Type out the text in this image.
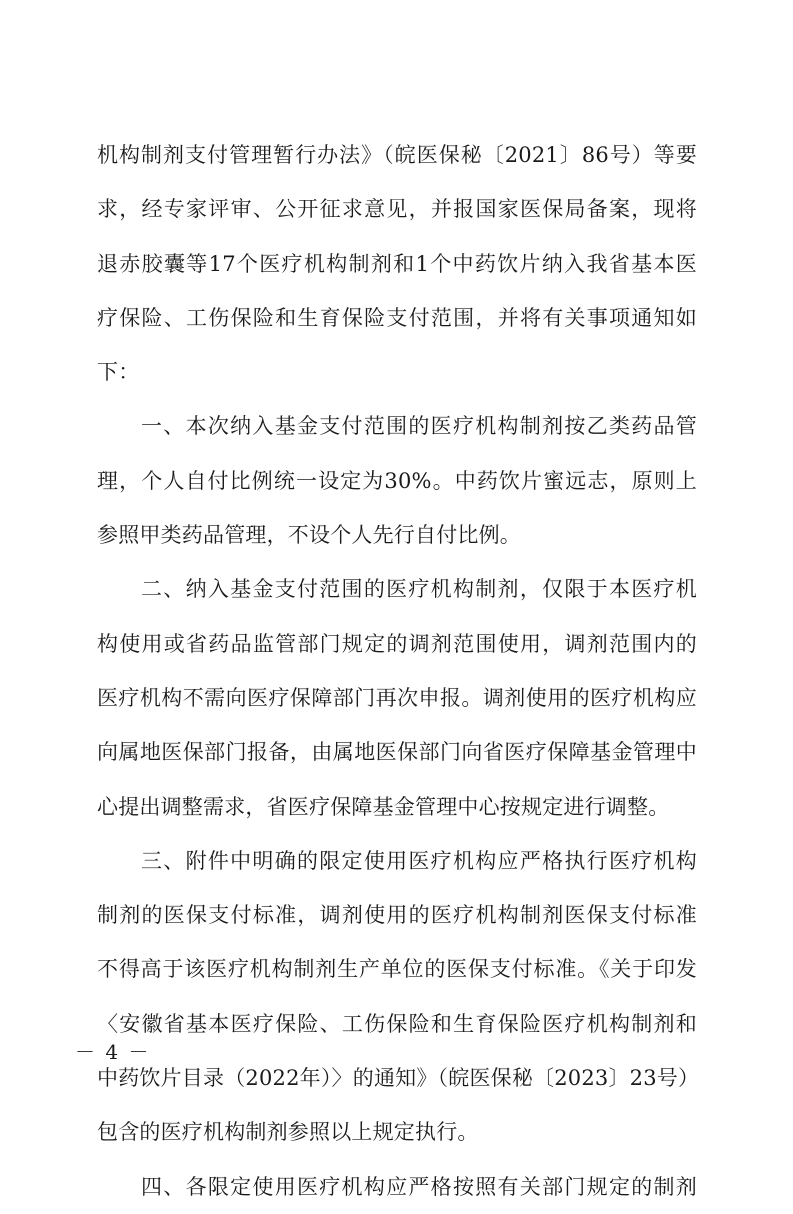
机构制剂支付管理暂行办法》（皖医保秘〔2021〕86号）等要
求，经专家评审、公开征求意见，并报国家医保局备案，现将
退赤胶囊等17个医疗机构制剂和1个中药饮片纳入我省基本医
疗保险、工伤保险和生育保险支付范围，并将有关事项通知如
下：
一、本次纳入基金支付范围的医疗机构制剂按乙类药品管
理，个人自付比例统一设定为30%。中药饮片蜜远志，原则上
参照甲类药品管理，不设个人先行自付比例。
二、纳入基金支付范围的医疗机构制剂，仅限于本医疗机
构使用或省药品监管部门规定的调剂范围使用，调剂范围内的
医疗机构不需向医疗保障部门再次申报。调剂使用的医疗机构应
向属地医保部门报备，由属地医保部门向省医疗保障基金管理中
心提出调整需求，省医疗保障基金管理中心按规定进行调整。
三、附件中明确的限定使用医疗机构应严格执行医疗机构
制剂的医保支付标准，调剂使用的医疗机构制剂医保支付标准
不得高于该医疗机构制剂生产单位的医保支付标准。《关于印发
〈安徽省基本医疗保险、工伤保险和生育保险医疗机构制剂和
中药饮片目录（2022年）〉的通知》（皖医保秘〔2023〕23号）
包含的医疗机构制剂参照以上规定执行。
四、各限定使用医疗机构应严格按照有关部门规定的制剂
－ 4 －
